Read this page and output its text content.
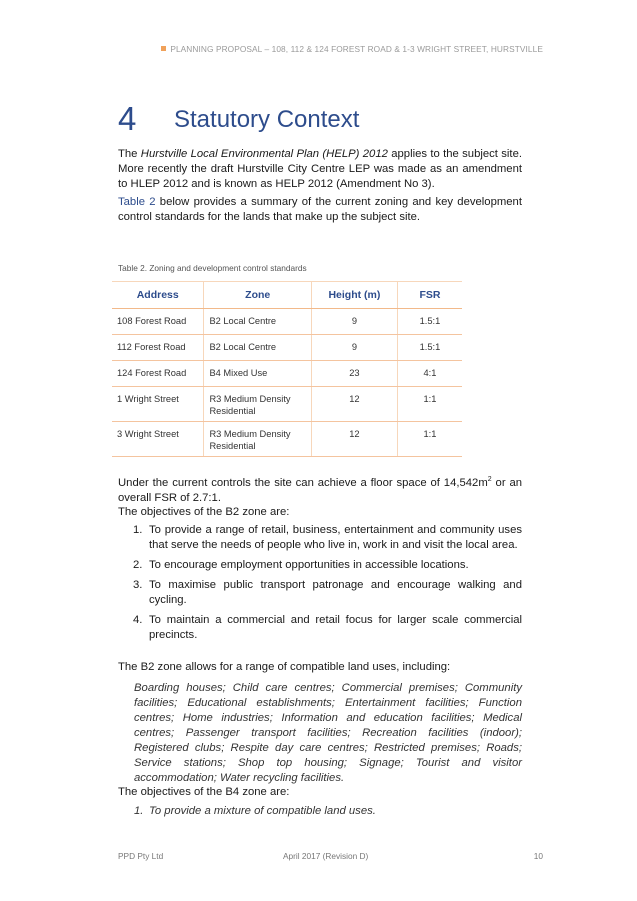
PLANNING PROPOSAL – 108, 112 & 124 FOREST ROAD & 1-3 WRIGHT STREET, HURSTVILLE
4 Statutory Context

The Hurstville Local Environmental Plan (HELP) 2012 applies to the subject site. More recently the draft Hurstville City Centre LEP was made as an amendment to HLEP 2012 and is known as HELP 2012 (Amendment No 3).

Table 2 below provides a summary of the current zoning and key development control standards for the lands that make up the subject site.

Table 2. Zoning and development control standards
Address	Zone	Height (m)	FSR
108 Forest Road	B2 Local Centre	9	1.5:1
112 Forest Road	B2 Local Centre	9	1.5:1
124 Forest Road	B4 Mixed Use	23	4:1
1 Wright Street	R3 Medium Density Residential	12	1:1
3 Wright Street	R3 Medium Density Residential	12	1:1

Under the current controls the site can achieve a floor space of $14,542m^2$ or an overall FSR of 2.7:1.

The objectives of the B2 zone are:

1. To provide a range of retail, business, entertainment and community uses that serve the needs of people who live in, work in and visit the local area.
2. To encourage employment opportunities in accessible locations.
3. To maximise public transport patronage and encourage walking and cycling.
4. To maintain a commercial and retail focus for larger scale commercial precincts.

The B2 zone allows for a range of compatible land uses, including:

Boarding houses; Child care centres; Commercial premises; Community facilities; Educational establishments; Entertainment facilities; Function centres; Home industries; Information and education facilities; Medical centres; Passenger transport facilities; Recreation facilities (indoor); Registered clubs; Respite day care centres; Restricted premises; Roads; Service stations; Shop top housing; Signage; Tourist and visitor accommodation; Water recycling facilities.

The objectives of the B4 zone are:

1. To provide a mixture of compatible land uses.
PPD Pty Ltd	April 2017 (Revision D)	10
